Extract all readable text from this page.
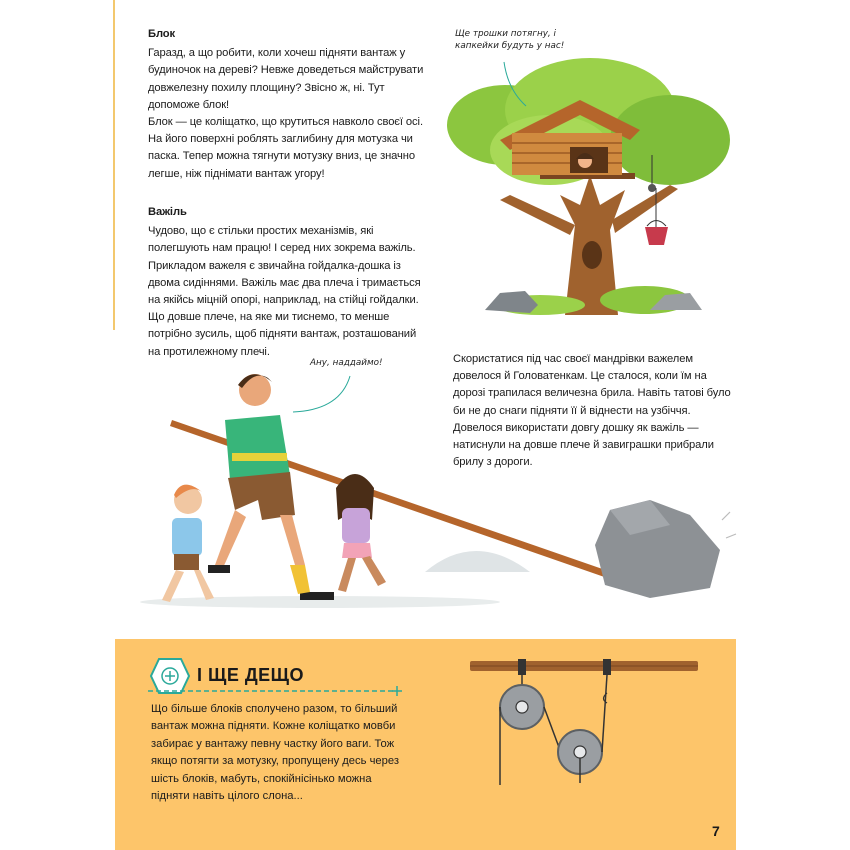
Блок

Гаразд, а що робити, коли хочеш підняти вантаж у будиночок на дереві? Невже доведеться майструвати довжелезну похилу площину? Звісно ж, ні. Тут допоможе блок!

Блок — це коліщатко, що крутиться навколо своєї осі. На його поверхні роблять заглибину для мотузка чи паска. Тепер можна тягнути мотузку вниз, це значно легше, ніж піднімати вантаж угору!

Ще трошки потягну, і капкейки будуть у нас!

Важіль

Чудово, що є стільки простих механізмів, які полегшують нам працю! І серед них зокрема важіль. Прикладом важеля є звичайна гойдалка-дошка із двома сидіннями. Важіль має два плеча і тримається на якійсь міцній опорі, наприклад, на стійці гойдалки. Що довше плече, на яке ми тиснемо, то менше потрібно зусиль, щоб підняти вантаж, розташований на протилежному плечі.

Скористатися під час своєї мандрівки важелем довелося й Головатенкам. Це сталося, коли їм на дорозі трапилася величезна брила. Навіть татові було би не до снаги підняти її й віднести на узбіччя. Довелося використати довгу дошку як важіль — натиснули на довше плече й завиграшки прибрали брилу з дороги.

Ану, наддаймо!
І ЩЕ ДЕЩО
Що більше блоків сполучено разом, то більший вантаж можна підняти. Кожне коліщатко мовби забирає у вантажу певну частку його ваги. Тож якщо потягти за мотузку, пропущену десь через шість блоків, мабуть, спокійнісінько можна підняти навіть цілого слона...
7
